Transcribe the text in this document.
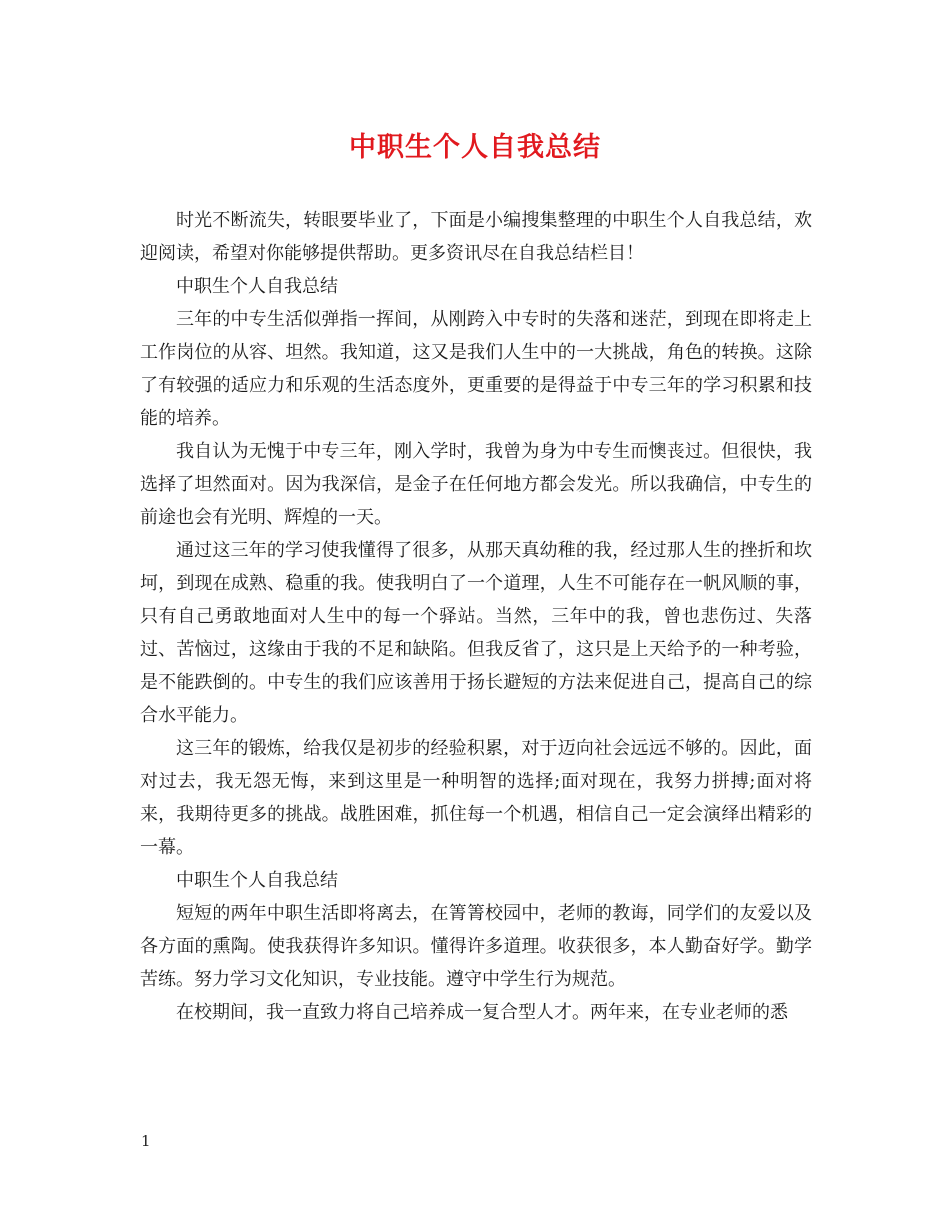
中职生个人自我总结

时光不断流失，转眼要毕业了，下面是小编搜集整理的中职生个人自我总结，欢迎阅读，希望对你能够提供帮助。更多资讯尽在自我总结栏目！

中职生个人自我总结

三年的中专生活似弹指一挥间，从刚跨入中专时的失落和迷茫，到现在即将走上工作岗位的从容、坦然。我知道，这又是我们人生中的一大挑战，角色的转换。这除了有较强的适应力和乐观的生活态度外，更重要的是得益于中专三年的学习积累和技能的培养。

我自认为无愧于中专三年，刚入学时，我曾为身为中专生而懊丧过。但很快，我选择了坦然面对。因为我深信，是金子在任何地方都会发光。所以我确信，中专生的前途也会有光明、辉煌的一天。

通过这三年的学习使我懂得了很多，从那天真幼稚的我，经过那人生的挫折和坎坷，到现在成熟、稳重的我。使我明白了一个道理，人生不可能存在一帆风顺的事，只有自己勇敢地面对人生中的每一个驿站。当然，三年中的我，曾也悲伤过、失落过、苦恼过，这缘由于我的不足和缺陷。但我反省了，这只是上天给予的一种考验，是不能跌倒的。中专生的我们应该善用于扬长避短的方法来促进自己，提高自己的综合水平能力。

这三年的锻炼，给我仅是初步的经验积累，对于迈向社会远远不够的。因此，面对过去，我无怨无悔，来到这里是一种明智的选择;面对现在，我努力拼搏;面对将来，我期待更多的挑战。战胜困难，抓住每一个机遇，相信自己一定会演绎出精彩的一幕。

中职生个人自我总结

短短的两年中职生活即将离去，在箐箐校园中，老师的教诲，同学们的友爱以及各方面的熏陶。使我获得许多知识。懂得许多道理。收获很多，本人勤奋好学。勤学苦练。努力学习文化知识，专业技能。遵守中学生行为规范。

在校期间，我一直致力将自己培养成一复合型人才。两年来，在专业老师的悉

1
